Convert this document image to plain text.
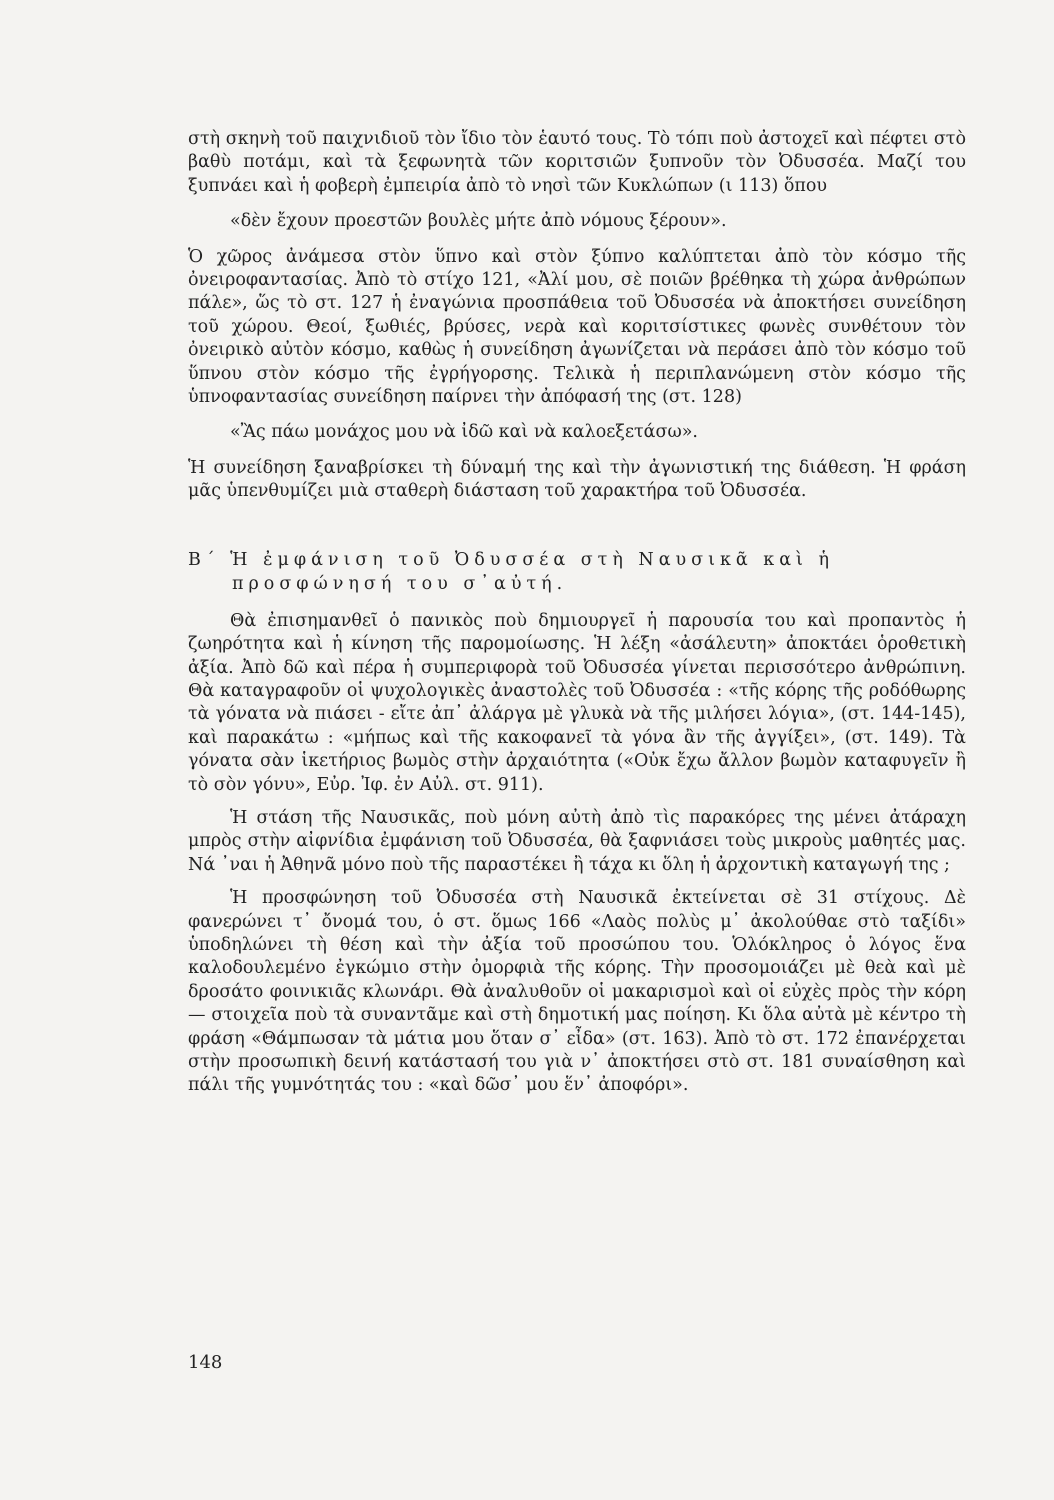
στὴ σκηνὴ τοῦ παιχνιδιοῦ τὸν ἴδιο τὸν ἑαυτό τους. Τὸ τόπι ποὺ ἀστοχεῖ καὶ πέφτει στὸ βαθὺ ποτάμι, καὶ τὰ ξεφωνητὰ τῶν κοριτσιῶν ξυπνοῦν τὸν Ὀδυσσέα. Μαζί του ξυπνάει καὶ ἡ φοβερὴ ἐμπειρία ἀπὸ τὸ νησὶ τῶν Κυκλώπων (ι 113) ὅπου

«δὲν ἔχουν προεστῶν βουλὲς μήτε ἀπὸ νόμους ξέρουν».

Ὁ χῶρος ἀνάμεσα στὸν ὕπνο καὶ στὸν ξύπνο καλύπτεται ἀπὸ τὸν κόσμο τῆς ὀνειροφαντασίας. Ἀπὸ τὸ στίχο 121, «Ἀλί μου, σὲ ποιῶν βρέθηκα τὴ χώρα ἀνθρώπων πάλε», ὥς τὸ στ. 127 ἡ ἐναγώνια προσπάθεια τοῦ Ὀδυσσέα νὰ ἀποκτήσει συνείδηση τοῦ χώρου. Θεοί, ξωθιές, βρύσες, νερὰ καὶ κοριτσίστικες φωνὲς συνθέτουν τὸν ὀνειρικὸ αὐτὸν κόσμο, καθὼς ἡ συνείδηση ἀγωνίζεται νὰ περάσει ἀπὸ τὸν κόσμο τοῦ ὕπνου στὸν κόσμο τῆς ἐγρήγορσης. Τελικὰ ἡ περιπλανώμενη στὸν κόσμο τῆς ὑπνοφαντασίας συνείδηση παίρνει τὴν ἀπόφασή της (στ. 128)

«Ἂς πάω μονάχος μου νὰ ἰδῶ καὶ νὰ καλοεξετάσω».

Ἡ συνείδηση ξαναβρίσκει τὴ δύναμή της καὶ τὴν ἀγωνιστική της διάθεση. Ἡ φράση μᾶς ὑπενθυμίζει μιὰ σταθερὴ διάσταση τοῦ χαρακτήρα τοῦ Ὀδυσσέα.

Β΄ Ἡ ἐμφάνιση τοῦ Ὀδυσσέα στὴ Ναυσικᾶ καὶ ἡ
προσφώνησή του σ᾽αὐτή.

Θὰ ἐπισημανθεῖ ὁ πανικὸς ποὺ δημιουργεῖ ἡ παρουσία του καὶ προπαντὸς ἡ ζωηρότητα καὶ ἡ κίνηση τῆς παρομοίωσης. Ἡ λέξη «ἀσάλευτη» ἀποκτάει ὁροθετικὴ ἀξία. Ἀπὸ δῶ καὶ πέρα ἡ συμπεριφορὰ τοῦ Ὀδυσσέα γίνεται περισσότερο ἀνθρώπινη. Θὰ καταγραφοῦν οἱ ψυχολογικὲς ἀναστολὲς τοῦ Ὀδυσσέα : «τῆς κόρης τῆς ροδόθωρης τὰ γόνατα νὰ πιάσει - εἴτε ἀπ᾽ ἀλάργα μὲ γλυκὰ νὰ τῆς μιλήσει λόγια», (στ. 144-145), καὶ παρακάτω : «μήπως καὶ τῆς κακοφανεῖ τὰ γόνα ἂν τῆς ἀγγίξει», (στ. 149). Τὰ γόνατα σὰν ἱκετήριος βωμὸς στὴν ἀρχαιότητα («Οὐκ ἔχω ἄλλον βωμὸν καταφυγεῖν ἢ τὸ σὸν γόνυ», Εὐρ. Ἰφ. ἐν Αὐλ. στ. 911).

Ἡ στάση τῆς Ναυσικᾶς, ποὺ μόνη αὐτὴ ἀπὸ τὶς παρακόρες της μένει ἀτάραχη μπρὸς στὴν αἰφνίδια ἐμφάνιση τοῦ Ὀδυσσέα, θὰ ξαφνιάσει τοὺς μικροὺς μαθητές μας. Νά ᾽ναι ἡ Ἀθηνᾶ μόνο ποὺ τῆς παραστέκει ἢ τάχα κι ὅλη ἡ ἀρχοντικὴ καταγωγή της ;

Ἡ προσφώνηση τοῦ Ὀδυσσέα στὴ Ναυσικᾶ ἐκτείνεται σὲ 31 στίχους. Δὲ φανερώνει τ᾽ ὄνομά του, ὁ στ. ὅμως 166 «Λαὸς πολὺς μ᾽ ἀκολούθαε στὸ ταξίδι» ὑποδηλώνει τὴ θέση καὶ τὴν ἀξία τοῦ προσώπου του. Ὁλόκληρος ὁ λόγος ἕνα καλοδουλεμένο ἐγκώμιο στὴν ὀμορφιὰ τῆς κόρης. Τὴν προσομοιάζει μὲ θεὰ καὶ μὲ δροσάτο φοινικιᾶς κλωνάρι. Θὰ ἀναλυθοῦν οἱ μακαρισμοὶ καὶ οἱ εὐχὲς πρὸς τὴν κόρη — στοιχεῖα ποὺ τὰ συναντᾶμε καὶ στὴ δημοτική μας ποίηση. Κι ὅλα αὐτὰ μὲ κέντρο τὴ φράση «Θάμπωσαν τὰ μάτια μου ὅταν σ᾽ εἶδα» (στ. 163). Ἀπὸ τὸ στ. 172 ἐπανέρχεται στὴν προσωπικὴ δεινή κατάστασή του γιὰ ν᾽ ἀποκτήσει στὸ στ. 181 συναίσθηση καὶ πάλι τῆς γυμνότητάς του : «καὶ δῶσ᾽ μου ἕν᾽ ἀποφόρι».

148
